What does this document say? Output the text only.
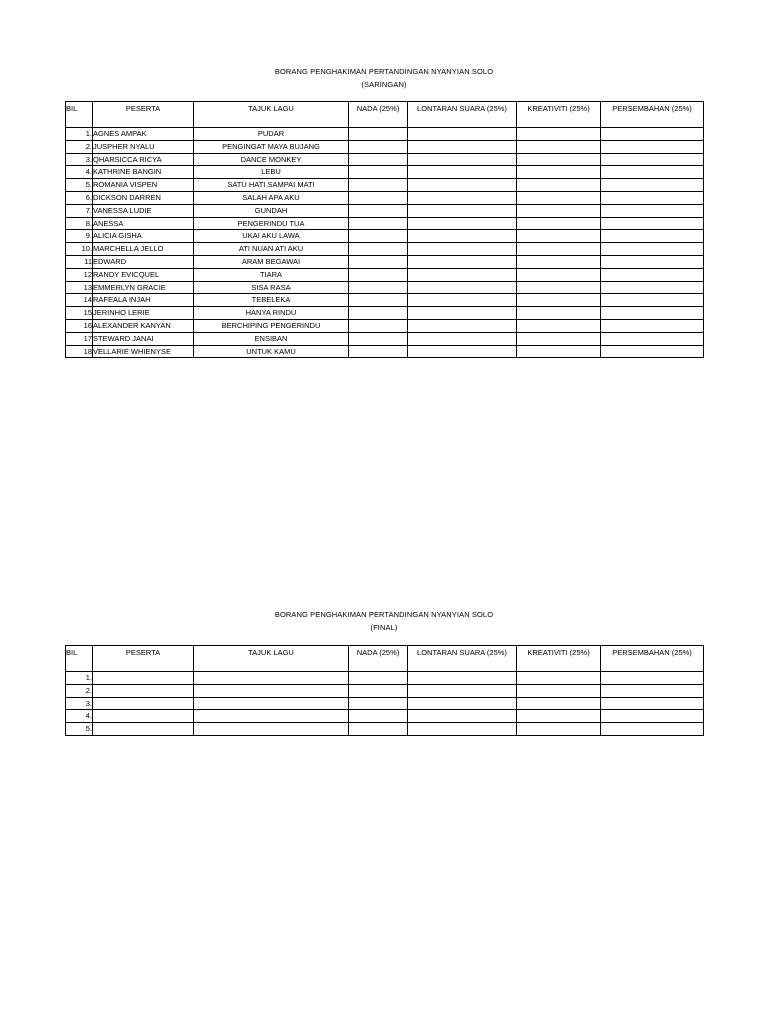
BORANG PENGHAKIMAN PERTANDINGAN NYANYIAN SOLO
(SARINGAN)
BIL	PESERTA	TAJUK LAGU	NADA (25%)	LONTARAN SUARA (25%)	KREATIVITI (25%)	PERSEMBAHAN (25%)
1.	AGNES AMPAK	PUDAR				
2.	JUSPHER NYALU	PENGINGAT MAYA BUJANG				
3.	QHARSICCA RICYA	DANCE MONKEY				
4.	KATHRINE BANGIN	LEBU				
5.	ROMANIA VISPEN	SATU HATI SAMPAI MATI				
6.	DICKSON DARREN	SALAH APA AKU				
7.	VANESSA LUDIE	GUNDAH				
8.	ANESSA	PENGERINDU TUA				
9.	ALICIA GISHA	UKAI AKU LAWA				
10.	MARCHELLA JELLO	ATI NUAN ATI AKU				
11	EDWARD	ARAM BEGAWAI				
12	RANDY EVICQUEL	TIARA				
13	EMMERLYN GRACIE	SISA RASA				
14	RAFEALA INJAH	TEBELEKA				
15	JERINHO LERIE	HANYA RINDU				
16	ALEXANDER KANYAN	BERCHIPING PENGERINDU				
17	STEWARD JANAI	ENSIBAN				
18	VELLARIE WHIENYSE	UNTUK KAMU				
BORANG PENGHAKIMAN PERTANDINGAN NYANYIAN SOLO
(FINAL)
BIL	PESERTA	TAJUK LAGU	NADA (25%)	LONTARAN SUARA (25%)	KREATIVITI (25%)	PERSEMBAHAN (25%)
1.						
2.						
3.						
4.						
5.						
